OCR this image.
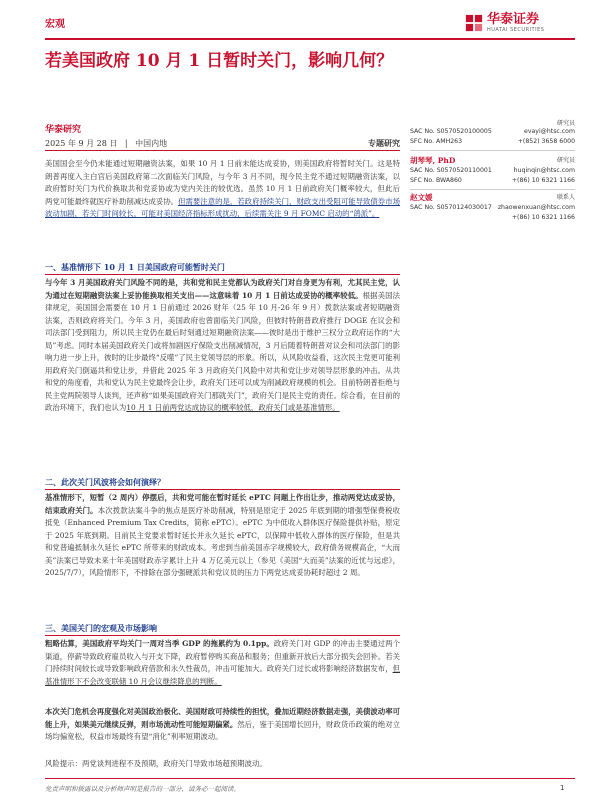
宏观	华泰证券
HUATAI SECURITIES
若美国政府 10 月 1 日暂时关门，影响几何？
华泰研究
2025 年 9 月 28 日 | 中国内地	专题研究

研究员
SAC No. S0570520100005	evayi@htsc.com
SFC No. AMH263	+(852) 3658 6000
胡琴琴, PhD	研究员
SAC No. S0570520110001	huqinqin@htsc.com
SFC No. BWA860	+(86) 10 6321 1166
赵文媛	联系人
SAC No. S0570124030017 zhaowenxuan@htsc.com
+(86) 10 6321 1166
美国国会至今仍未能通过短期融资法案，如果 10 月 1 日前未能达成妥协，则美国政府将暂时关门。这是特朗普再度入主白宫后美国政府第二次面临关门风险，与今年 3 月不同，现今民主党不通过短期融资法案，以政府暂时关门为代价换取共和党妥协或为党内关注的较优选。虽然 10 月 1 日前政府关门概率较大，但此后两党可能最终就医疗补助削减达成妥协。但需要注意的是，若政府持续关门，财政支出受阻可能导致债券市场波动加剧，若关门时间较长，可能对美国经济指标形成扰动，后续需关注 9 月 FOMC 启动的“鸽派”。
一、基准情形下 10 月 1 日美国政府可能暂时关门
与今年 3 月美国政府关门风险不同的是，共和党和民主党都认为政府关门对自身更为有利，尤其民主党，认为通过在短期融资法案上妥协能换取相关支出——这意味着 10 月 1 日前达成妥协的概率较低。根据美国法律规定，美国国会需要在 10 月 1 日前通过 2026 财年（25 年 10 月-26 年 9 月）拨款法案或者短期融资法案，否则政府将关门。今年 3 月，美国政府也曾面临关门风险，但彼时特朗普政府推行 DOGE 在议会和司法部门受到阻力，所以民主党仍在最后时刻通过短期融资法案——彼时是出于维护三权分立政府运作的“大局”考虑。同时本届美国政府关门或将加剧医疗保险支出削减情况，3 月后随着特朗普对议会和司法部门的影响力进一步上升，彼时的让步最终“反噬”了民主党领导层的形象。所以，从风险收益看，这次民主党更可能利用政府关门倒逼共和党让步，并借此 2025 年 3 月政府关门风险中对共和党让步对领导层形象的冲击。从共和党的角度看，共和党认为民主党最终会让步，政府关门还可以成为削减政府规模的机会。目前特朗普拒绝与民主党两院领导人谈判，还声称“如果美国政府关门那就关门”，政府关门是民主党的责任。综合看，在目前的政治环境下，我们也认为10 月 1 日前两党达成协议的概率较低，政府关门或是基准情形。
二、此次关门风波将会如何演绎？
基准情形下，短暂（2 周内）停摆后，共和党可能在暂时延长 ePTC 问题上作出让步，推动两党达成妥协，结束政府关门。本次拨款法案斗争的焦点是医疗补助削减，特别是原定于 2025 年底到期的增强型保费税收抵免（Enhanced Premium Tax Credits，简称 ePTC）。ePTC 为中低收入群体医疗保险提供补贴，原定于 2025 年底到期。目前民主党要求暂时延长并永久延长 ePTC，以保障中低收入群体的医疗保险，但是共和党普遍抵制永久延长 ePTC 所带来的财政成本。考虑到当前美国赤字规模较大，政府债务规模高企，“大而美”法案已导致未来十年美国财政赤字累计上升 4 万亿美元以上（参见《美国“大而美”法案的近忧与远虑》，2025/7/7），风险情形下，不排除在部分强硬派共和党议员的压力下两党达成妥协耗时超过 2 周。
三、美国关门的宏观及市场影响
粗略估算，美国政府平均关门一周对当季 GDP 的拖累约为 0.1pp。政府关门对 GDP 的冲击主要通过两个渠道，停薪导致政府雇员收入与开支下降，政府暂停购买商品和服务；但重新开放后大部分损失会回补。若关门持续时间较长或导致影响政府借款和永久性裁员，冲击可能加大。政府关门过长或将影响经济数据发布，但基准情形下不会改变联储 10 月会议继续降息的判断。
本次关门危机会再度强化对美国政治极化、美国财政可持续性的担忧，叠加近期经济数据走强，美债波动率可能上升，如果美元继续反弹，则市场流动性可能短期偏紧。然后，鉴于美国增长回升，财政货币政策的绝对立场均偏宽松，权益市场最终有望“消化”利率短期波动。
风险提示：两党谈判进程不及预期，政府关门导致市场超预期波动。
免责声明和披露以及分析师声明是报告的一部分，请务必一起阅读。	1
